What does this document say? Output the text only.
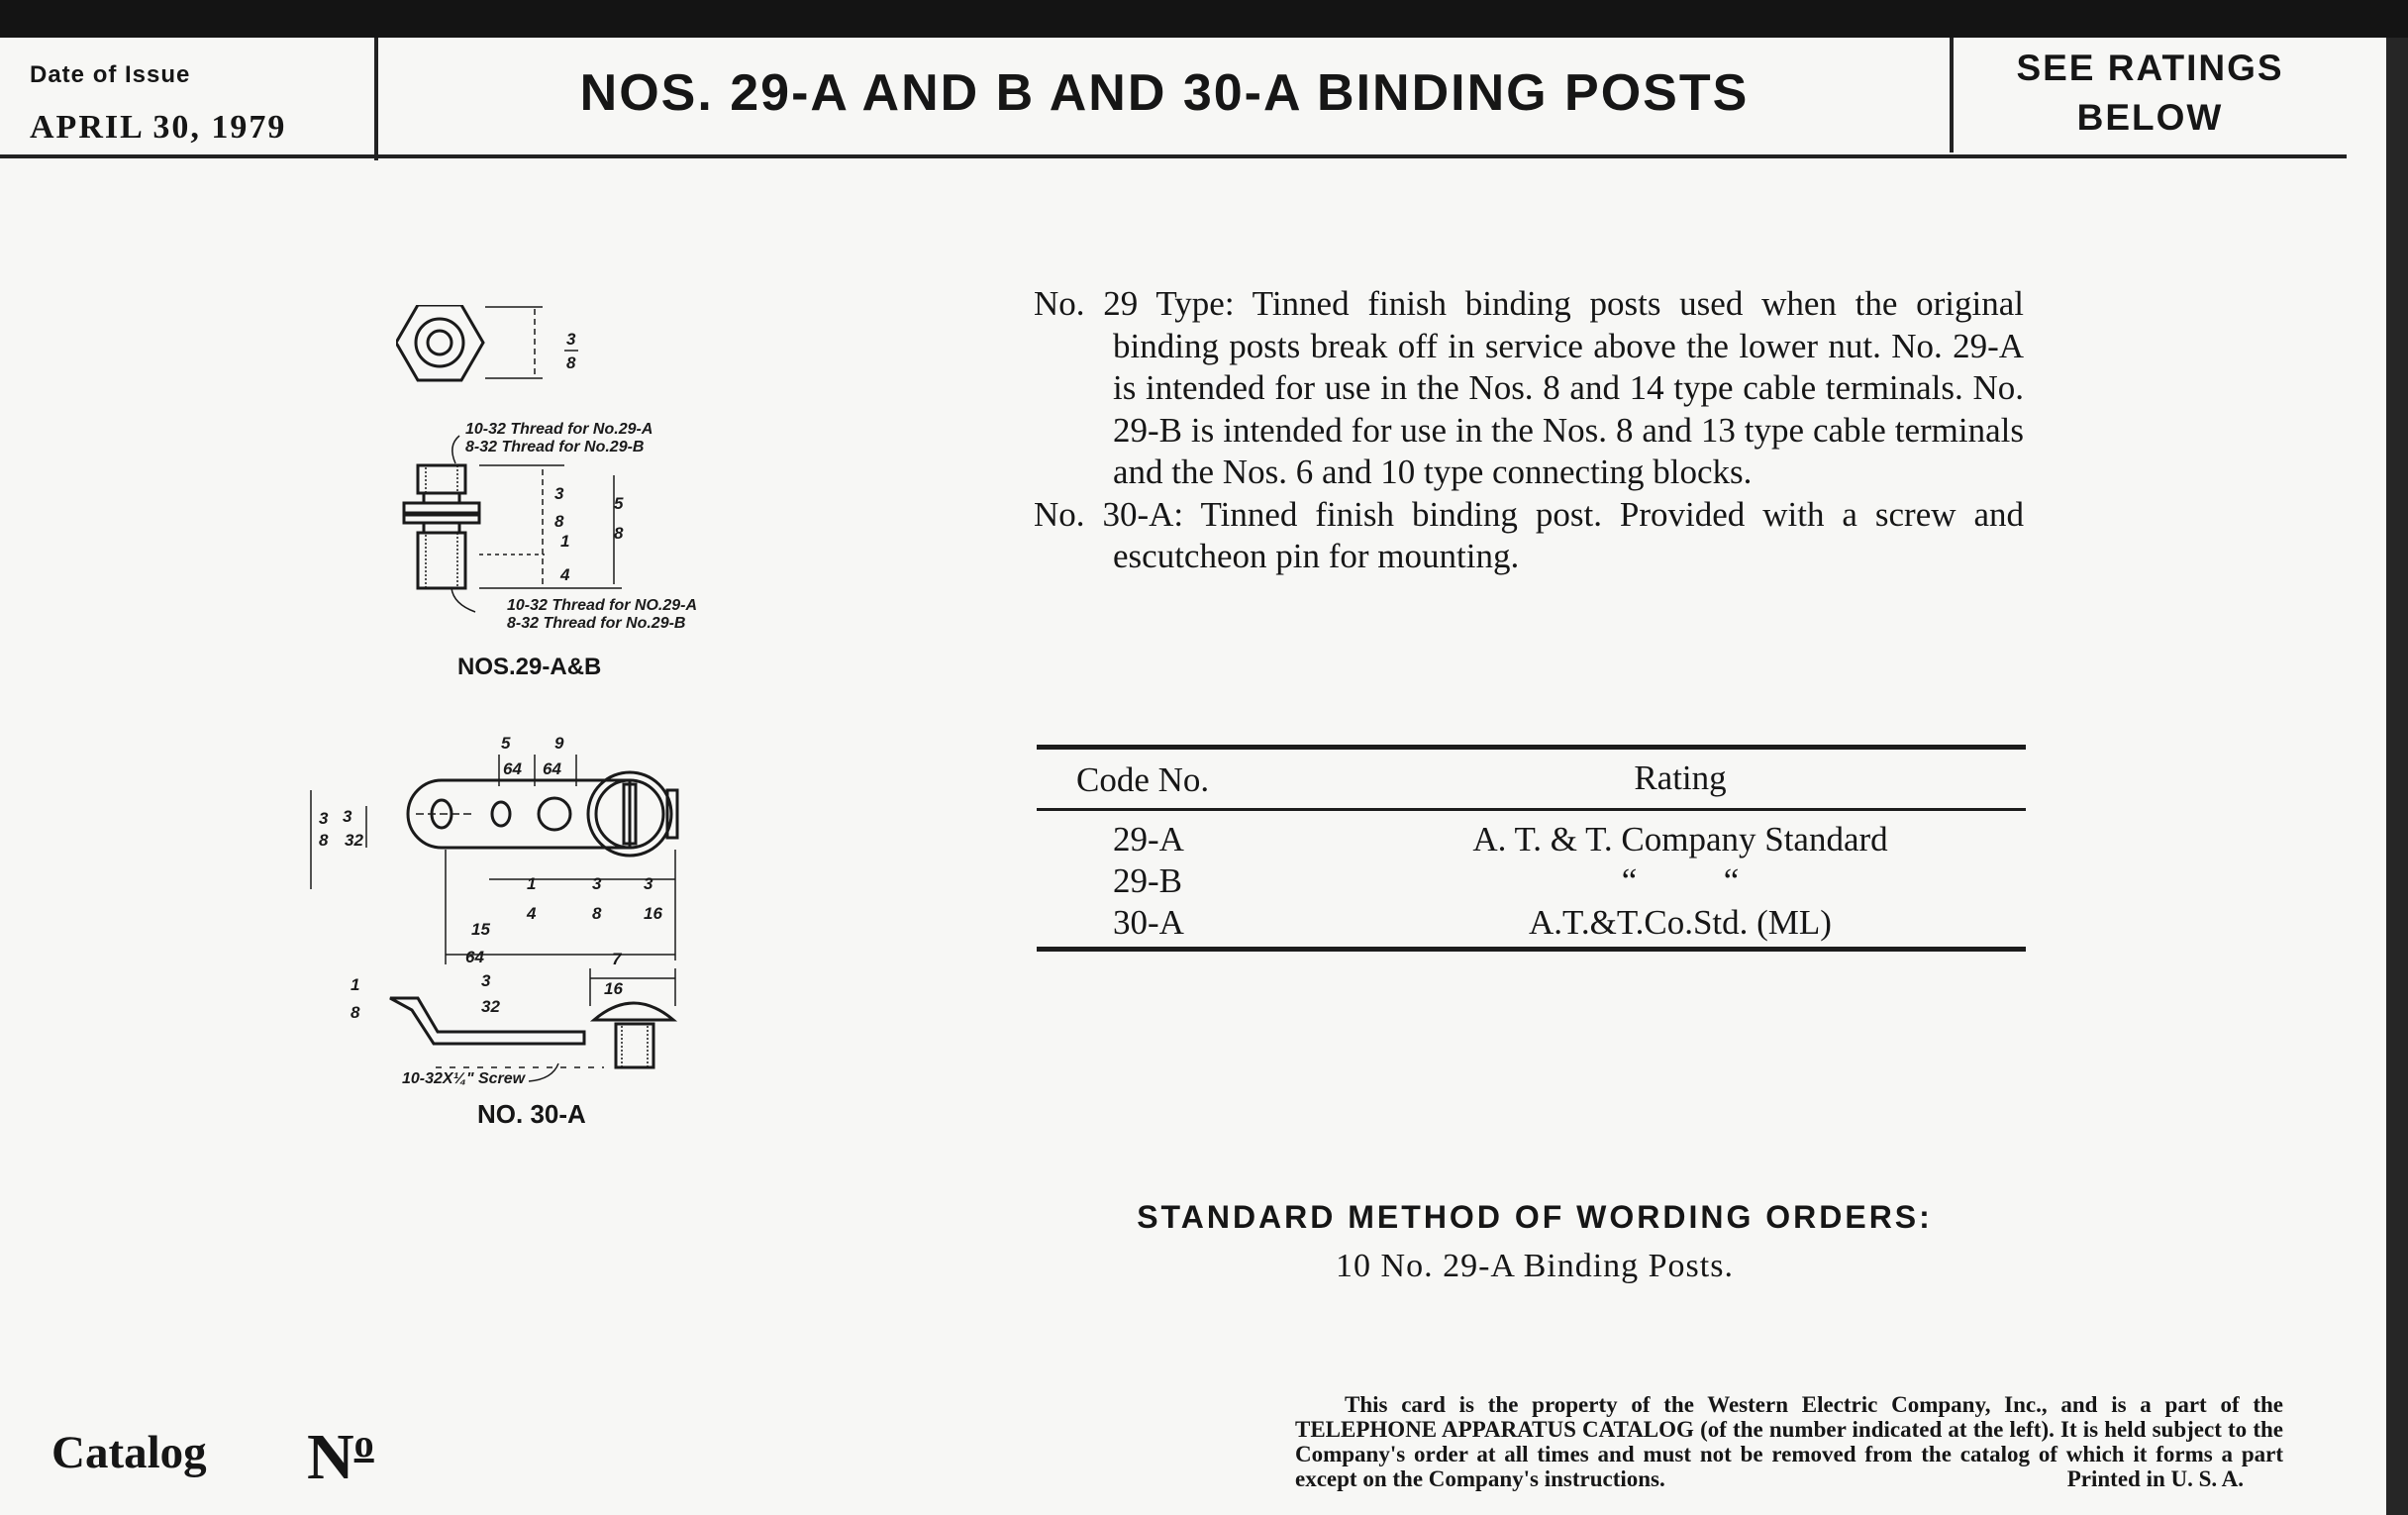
Date of Issue
APRIL 30, 1979
NOS. 29-A AND B AND 30-A BINDING POSTS	SEE RATINGS
BELOW
3
8
3
8
5
8
1
4
10-32 Thread for No.29-A
8-32 Thread for No.29-B
10-32 Thread for NO.29-A
8-32 Thread for No.29-B
NOS.29-A&B
5
64
9
64
3
8
3
32
1
4
3
8
3
16
15
64	7
16
1
8
3
32
10-32X¼" Screw
NO. 30-A

No. 29 Type: Tinned finish binding posts used when the original binding posts break off in service above the lower nut. No. 29-A is intended for use in the Nos. 8 and 14 type cable terminals. No. 29-B is intended for use in the Nos. 8 and 13 type cable terminals and the Nos. 6 and 10 type connecting blocks.

No. 30-A: Tinned finish binding post. Provided with a screw and escutcheon pin for mounting.

Code No.	Rating
29-A	A. T. & T. Company Standard
29-B	“          “
30-A	A.T.&T.Co.Std. (ML)
STANDARD METHOD OF WORDING ORDERS:
10 No. 29-A Binding Posts.
This card is the property of the Western Electric Company, Inc., and is a part of the TELEPHONE APPARATUS CATALOG (of the number indicated at the left). It is held subject to the Company's order at all times and must not be removed from the catalog of which it forms a part except on the Company's instructions.	Printed in U. S. A.
Catalog $N^o$
